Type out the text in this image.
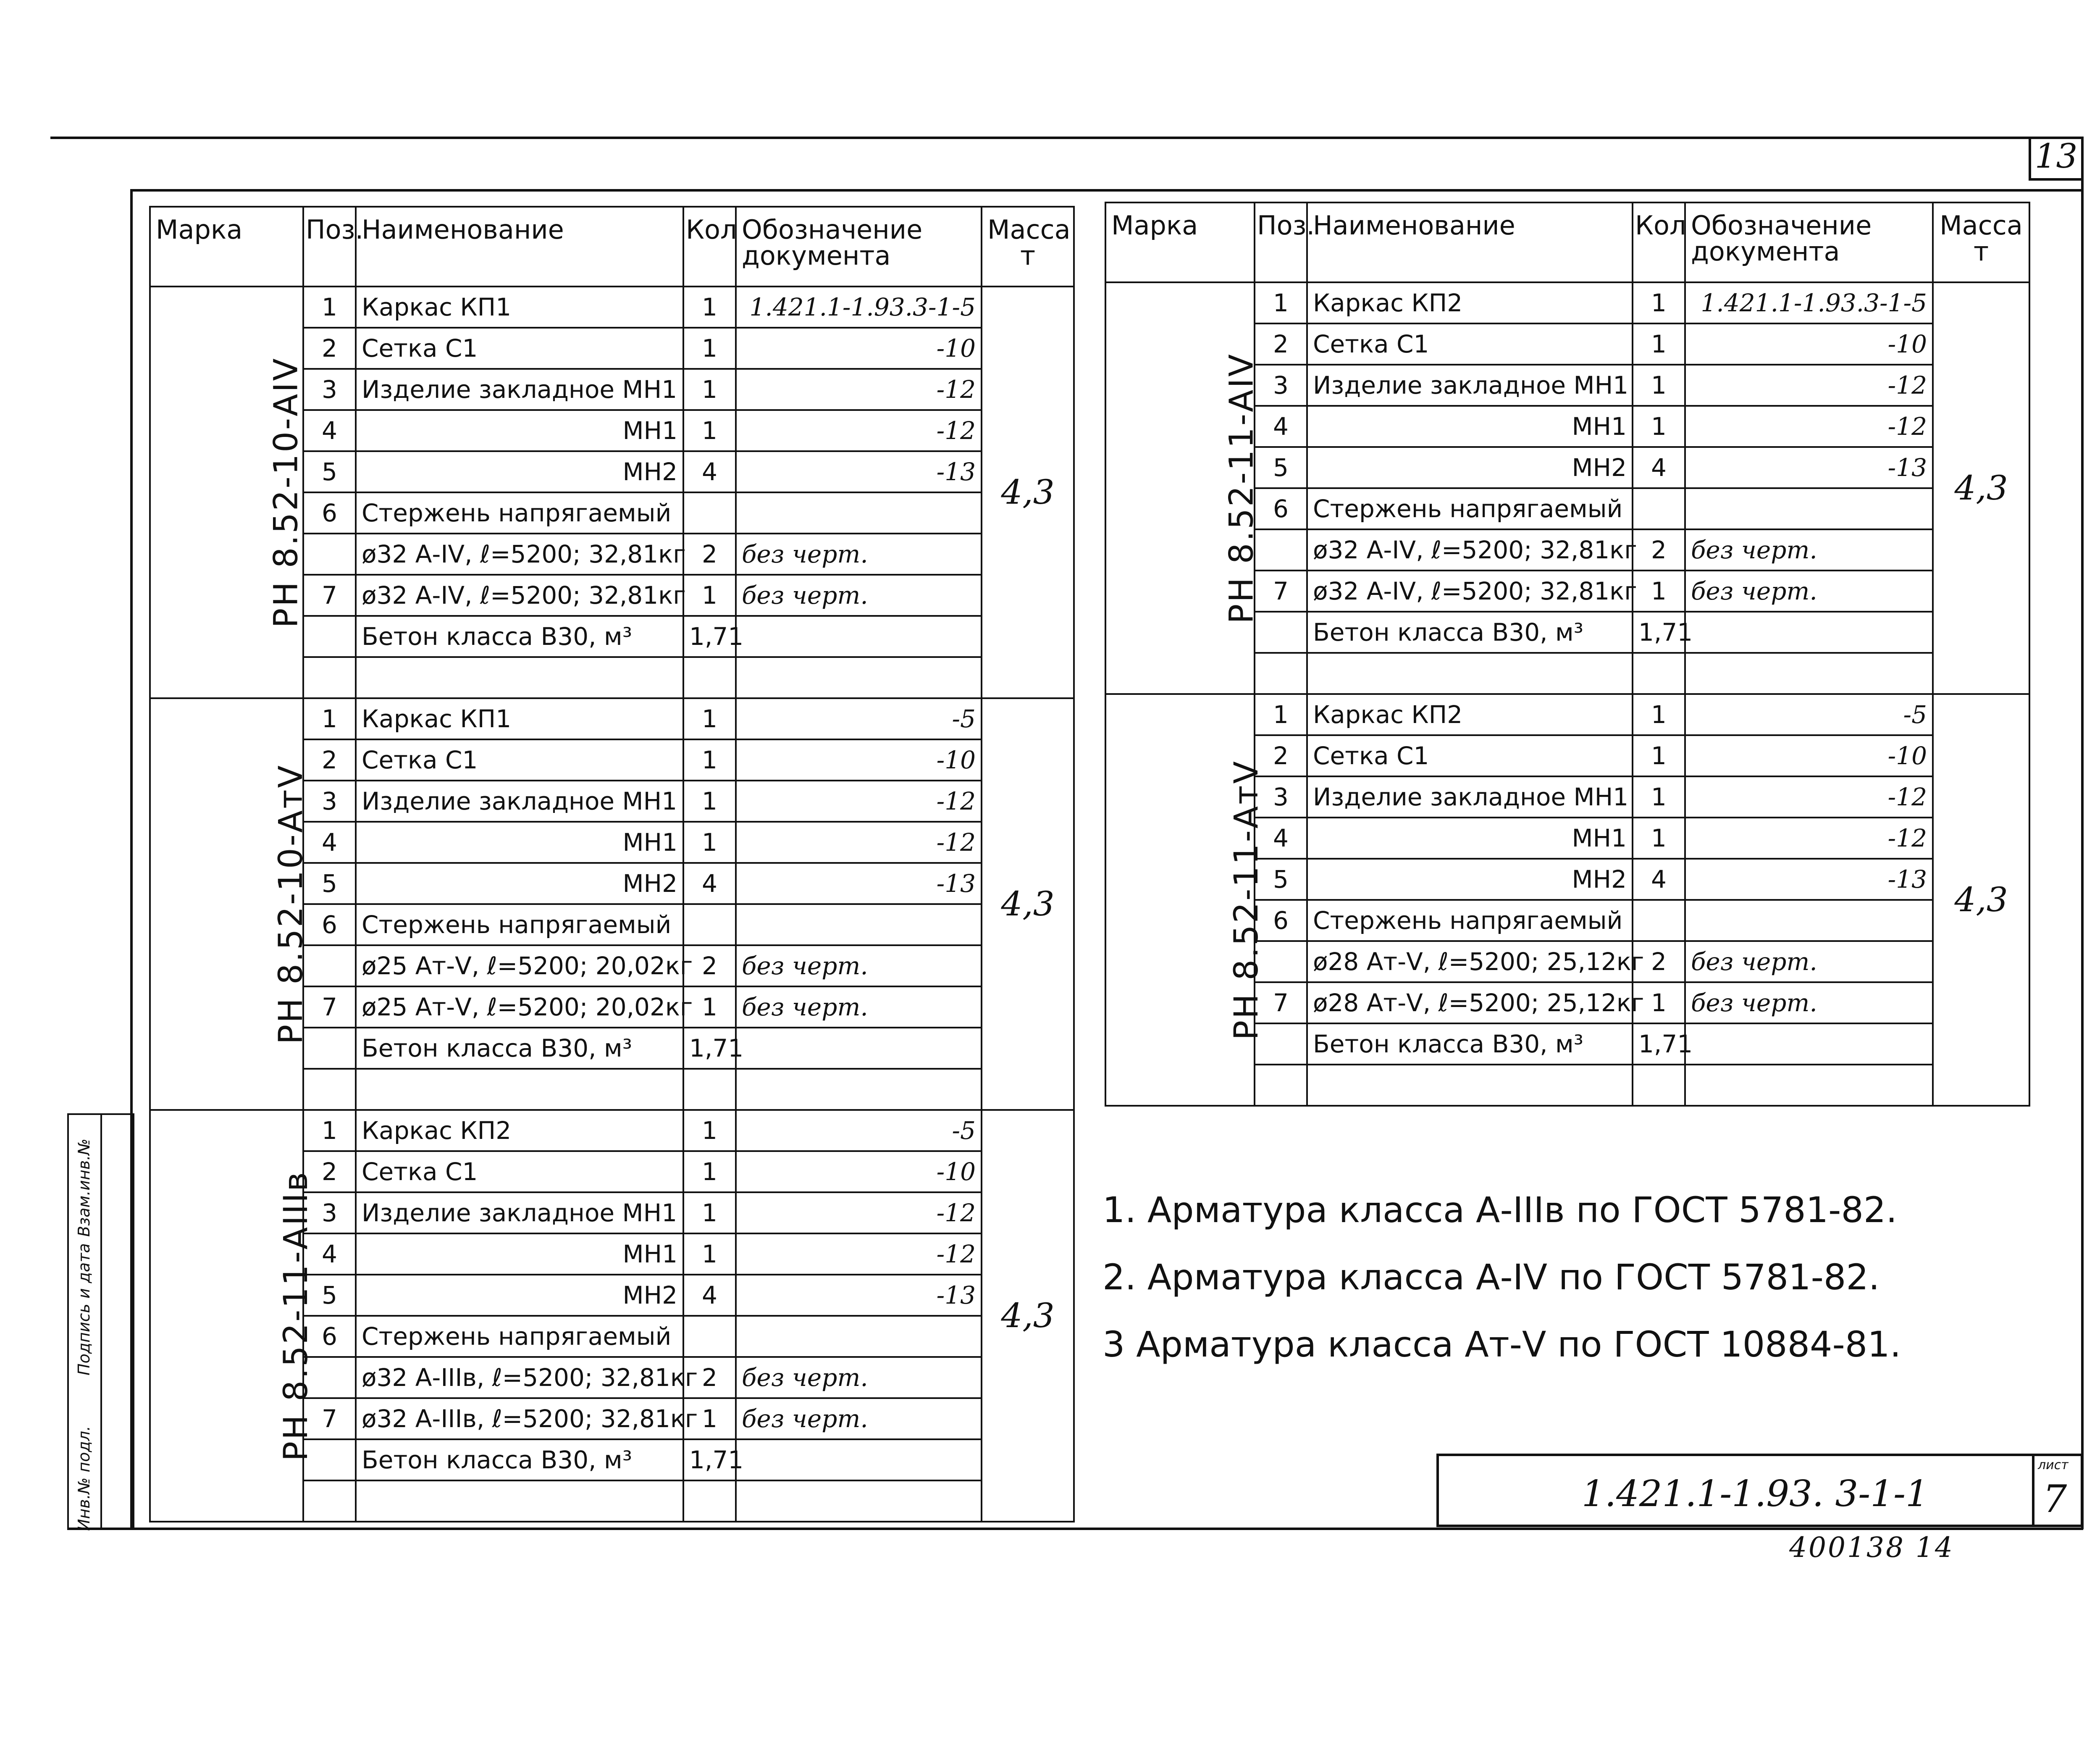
13
Марка	Поз.	Наименование	Кол	Обозначение документа	Масса т
РН 8.52-10-АIV	1	Каркас КП1	1	1.421.1-1.93.3-1-5	4,3
	2	Сетка С1	1	-10	
	3	Изделие закладное МН1	1	-12	
	4	МН1	1	-12	
	5	МН2	4	-13	
	6	Стержень напрягаемый			
		ø32 А-IV, ℓ=5200; 32,81кг	2	без черт.	
	7	ø32 А-IV, ℓ=5200; 32,81кг	1	без черт.	
		Бетон класса В30, м³	1,71		

РН 8.52-10-АтV	1	Каркас КП1	1	-5	4,3
	2	Сетка С1	1	-10	
	3	Изделие закладное МН1	1	-12	
	4	МН1	1	-12	
	5	МН2	4	-13	
	6	Стержень напрягаемый			
		ø25 Ат-V, ℓ=5200; 20,02кг	2	без черт.	
	7	ø25 Ат-V, ℓ=5200; 20,02кг	1	без черт.	
		Бетон класса В30, м³	1,71		

РН 8.52-11-АIIIв	1	Каркас КП2	1	-5	4,3
	2	Сетка С1	1	-10	
	3	Изделие закладное МН1	1	-12	
	4	МН1	1	-12	
	5	МН2	4	-13	
	6	Стержень напрягаемый			
		ø32 А-IIIв, ℓ=5200; 32,81кг	2	без черт.	
	7	ø32 А-IIIв, ℓ=5200; 32,81кг	1	без черт.	
		Бетон класса В30, м³	1,71		

Марка	Поз.	Наименование	Кол	Обозначение документа	Масса т
РН 8.52-11-АIV	1	Каркас КП2	1	1.421.1-1.93.3-1-5	4,3
	2	Сетка С1	1	-10	
	3	Изделие закладное МН1	1	-12	
	4	МН1	1	-12	
	5	МН2	4	-13	
	6	Стержень напрягаемый			
		ø32 А-IV, ℓ=5200; 32,81кг	2	без черт.	
	7	ø32 А-IV, ℓ=5200; 32,81кг	1	без черт.	
		Бетон класса В30, м³	1,71		

РН 8.52-11-АтV	1	Каркас КП2	1	-5	4,3
	2	Сетка С1	1	-10	
	3	Изделие закладное МН1	1	-12	
	4	МН1	1	-12	
	5	МН2	4	-13	
	6	Стержень напрягаемый			
		ø28 Ат-V, ℓ=5200; 25,12кг	2	без черт.	
	7	ø28 Ат-V, ℓ=5200; 25,12кг	1	без черт.	
		Бетон класса В30, м³	1,71		

1. Арматура класса А-IIIв по ГОСТ 5781-82.
2. Арматура класса А-IV по ГОСТ 5781-82.
3 Арматура класса Ат-V по ГОСТ 10884-81.
1.421.1-1.93. 3-1-1
лист
7
400138 14
Инв.№ подл.
Подпись и дата
Взам.инв.№
